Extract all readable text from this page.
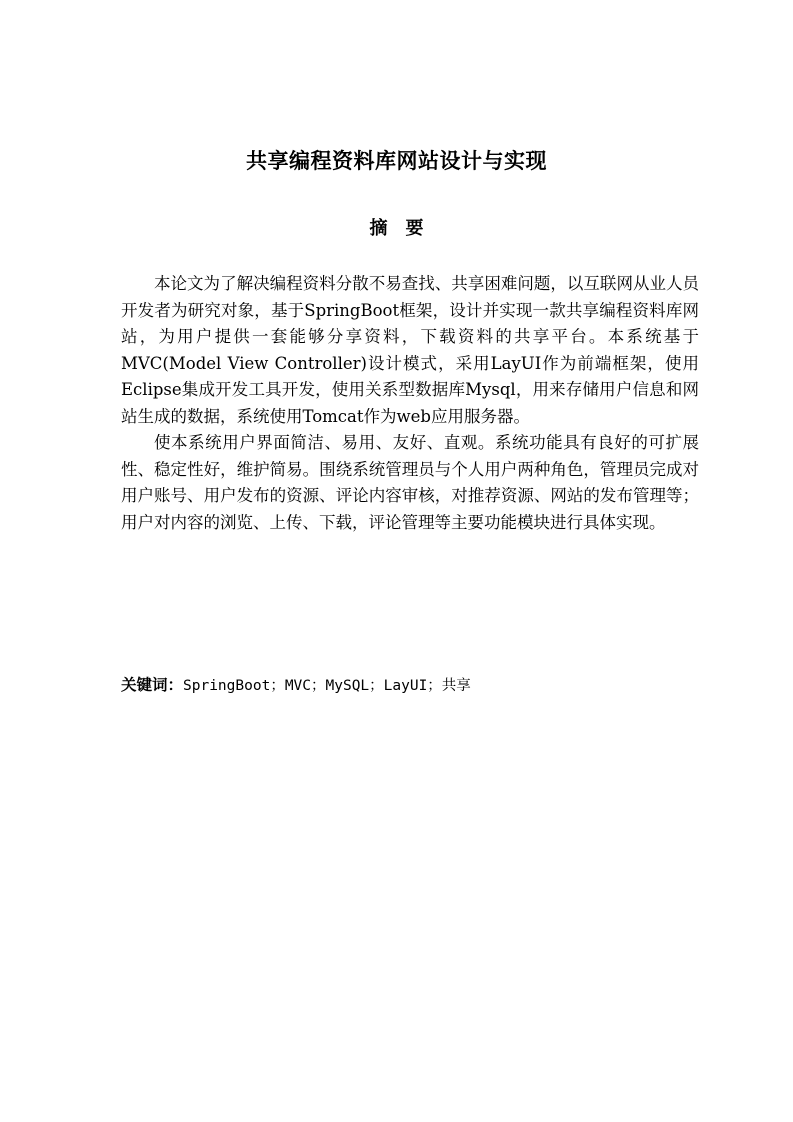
共享编程资料库网站设计与实现
摘要

本论文为了解决编程资料分散不易查找、共享困难问题，以互联网从业人员开发者为研究对象，基于SpringBoot框架，设计并实现一款共享编程资料库网站，为用户提供一套能够分享资料，下载资料的共享平台。本系统基于MVC(Model View Controller)设计模式，采用LayUI作为前端框架，使用Eclipse集成开发工具开发，使用关系型数据库Mysql，用来存储用户信息和网站生成的数据，系统使用Tomcat作为web应用服务器。

使本系统用户界面简洁、易用、友好、直观。系统功能具有良好的可扩展性、稳定性好，维护简易。围绕系统管理员与个人用户两种角色，管理员完成对用户账号、用户发布的资源、评论内容审核，对推荐资源、网站的发布管理等；用户对内容的浏览、上传、下载，评论管理等主要功能模块进行具体实现。

关键词：SpringBoot；MVC；MySQL；LayUI；共享
